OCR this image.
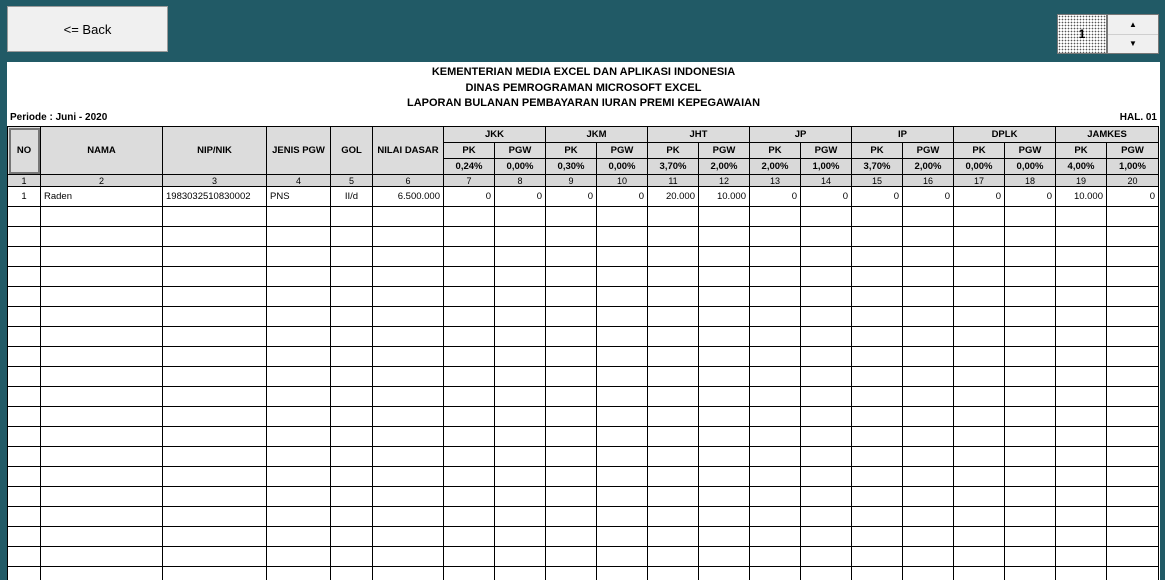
<= Back	1
▲
▼
KEMENTERIAN MEDIA EXCEL DAN APLIKASI INDONESIA
DINAS PEMROGRAMAN MICROSOFT EXCEL
LAPORAN BULANAN PEMBAYARAN IURAN PREMI KEPEGAWAIAN
Periode : Juni - 2020	HAL. 01
NO	NAMA	NIP/NIK	JENIS PGW	GOL	NILAI DASAR	JKK		JKM		JHT		JP		IP		DPLK		JAMKES	
						PK	PGW	PK	PGW	PK	PGW	PK	PGW	PK	PGW	PK	PGW	PK	PGW
						0,24%	0,00%	0,30%	0,00%	3,70%	2,00%	2,00%	1,00%	3,70%	2,00%	0,00%	0,00%	4,00%	1,00%
1	2	3	4	5	6	7	8	9	10	11	12	13	14	15	16	17	18	19	20
1	Raden	1983032510830002	PNS	II/d	6.500.000	0	0	0	0	20.000	10.000	0	0	0	0	0	0	10.000	0
